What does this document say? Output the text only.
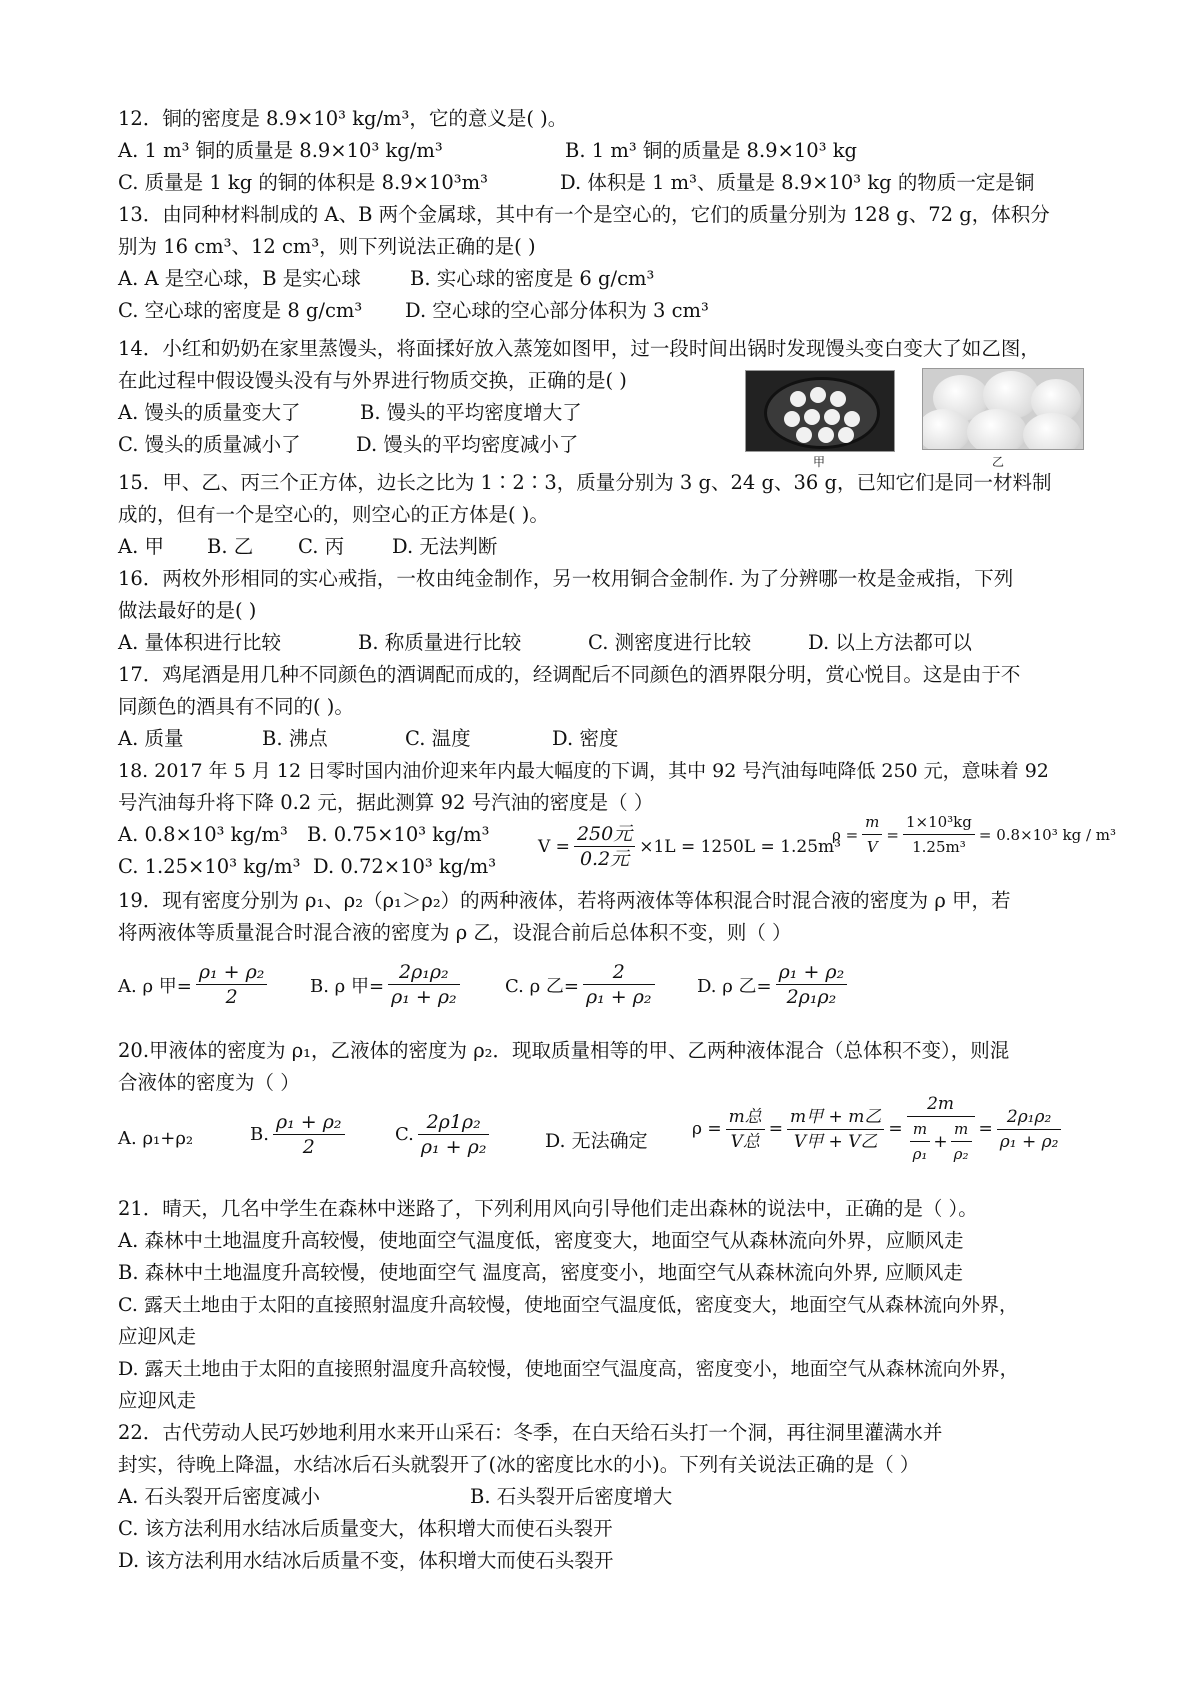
12．铜的密度是 8.9×10³ kg/m³，它的意义是( )。
A. 1 m³ 铜的质量是 8.9×10³ kg/m³	B. 1 m³ 铜的质量是 8.9×10³ kg
C. 质量是 1 kg 的铜的体积是 8.9×10³m³	D. 体积是 1 m³、质量是 8.9×10³ kg 的物质一定是铜
13．由同种材料制成的 A、B 两个金属球，其中有一个是空心的，它们的质量分别为 128 g、72 g，体积分
别为 16 cm³、12 cm³，则下列说法正确的是( )
A. A 是空心球，B 是实心球	B. 实心球的密度是 6 g/cm³
C. 空心球的密度是 8 g/cm³ D. 空心球的空心部分体积为 3 cm³
14．小红和奶奶在家里蒸馒头，将面揉好放入蒸笼如图甲，过一段时间出锅时发现馒头变白变大了如乙图，
在此过程中假设馒头没有与外界进行物质交换，正确的是( )
A. 馒头的质量变大了	B. 馒头的平均密度增大了
C. 馒头的质量减小了	D. 馒头的平均密度减小了
甲	乙
15．甲、乙、丙三个正方体，边长之比为 1∶2∶3，质量分别为 3 g、24 g、36 g，已知它们是同一材料制
成的，但有一个是空心的，则空心的正方体是( )。
A. 甲 B. 乙 C. 丙 D. 无法判断
16．两枚外形相同的实心戒指，一枚由纯金制作，另一枚用铜合金制作. 为了分辨哪一枚是金戒指，下列
做法最好的是( )
A. 量体积进行比较	B. 称质量进行比较	C. 测密度进行比较	D. 以上方法都可以
17．鸡尾酒是用几种不同颜色的酒调配而成的，经调配后不同颜色的酒界限分明，赏心悦目。这是由于不
同颜色的酒具有不同的( )。
A. 质量	B. 沸点	C. 温度	D. 密度
18. 2017 年 5 月 12 日零时国内油价迎来年内最大幅度的下调，其中 92 号汽油每吨降低 250 元，意味着 92
号汽油每升将下降 0.2 元，据此测算 92 号汽油的密度是（ ）
A. 0.8×10³ kg/m³ B. 0.75×10³ kg/m³
C. 1.25×10³ kg/m³ D. 0.72×10³ kg/m³
$V = \frac{\text{250元}}{\text{0.2元}} \times 1L = 1250L = 1.25m^3$
$\rho = \frac{m}{V} = \frac{\text{1×10³kg}}{\text{1.25m³}} = 0.8\times 10^3$ kg / m³
19．现有密度分别为 ρ₁、ρ₂（ρ₁＞ρ₂）的两种液体，若将两液体等体积混合时混合液的密度为 ρ 甲，若
将两液体等质量混合时混合液的密度为 ρ 乙，设混合前后总体积不变，则（ ）
A. ρ 甲= $\frac{\text{ρ₁ + ρ₂}}{2} B$. ρ 甲= $\frac{\text{2ρ₁ρ₂}}{\text{ρ₁ + ρ₂}}$	C. ρ 乙= $\frac{2}{\text{ρ₁ + ρ₂}} D$. ρ 乙= $\frac{\text{ρ₁ + ρ₂}}{\text{2ρ₁ρ₂}}$
20.甲液体的密度为 ρ₁，乙液体的密度为 ρ₂．现取质量相等的甲、乙两种液体混合（总体积不变），则混
合液体的密度为（ ）
A. ρ₁+ρ₂	B. $\frac{\text{ρ₁ + ρ₂}}{2}$	C. $\frac{\text{2ρ1ρ₂}}{\text{ρ₁ + ρ₂}}$	D. 无法确定
$\rho = \frac{\text{m总}}{\text{V总}} = \frac{\text{m甲 + m乙}}{\text{V甲 + V乙}}$ =
2m
$\frac{m}{\text{ρ₁}} + \frac{m}{\text{ρ₂}} = \frac{\text{2ρ₁ρ₂}}{\text{ρ₁ + ρ₂}}$
21．晴天，几名中学生在森林中迷路了，下列利用风向引导他们走出森林的说法中，正确的是（ ）。
A. 森林中土地温度升高较慢，使地面空气温度低，密度变大，地面空气从森林流向外界，应顺风走
B. 森林中土地温度升高较慢，使地面空气 温度高，密度变小，地面空气从森林流向外界, 应顺风走
C. 露天土地由于太阳的直接照射温度升高较慢，使地面空气温度低，密度变大，地面空气从森林流向外界，
应迎风走
D. 露天土地由于太阳的直接照射温度升高较慢，使地面空气温度高，密度变小，地面空气从森林流向外界，
应迎风走
22．古代劳动人民巧妙地利用水来开山采石：冬季，在白天给石头打一个洞，再往洞里灌满水并
封实，待晚上降温，水结冰后石头就裂开了(冰的密度比水的小)。下列有关说法正确的是（ ）
A. 石头裂开后密度减小	B. 石头裂开后密度增大
C. 该方法利用水结冰后质量变大，体积增大而使石头裂开
D. 该方法利用水结冰后质量不变，体积增大而使石头裂开
